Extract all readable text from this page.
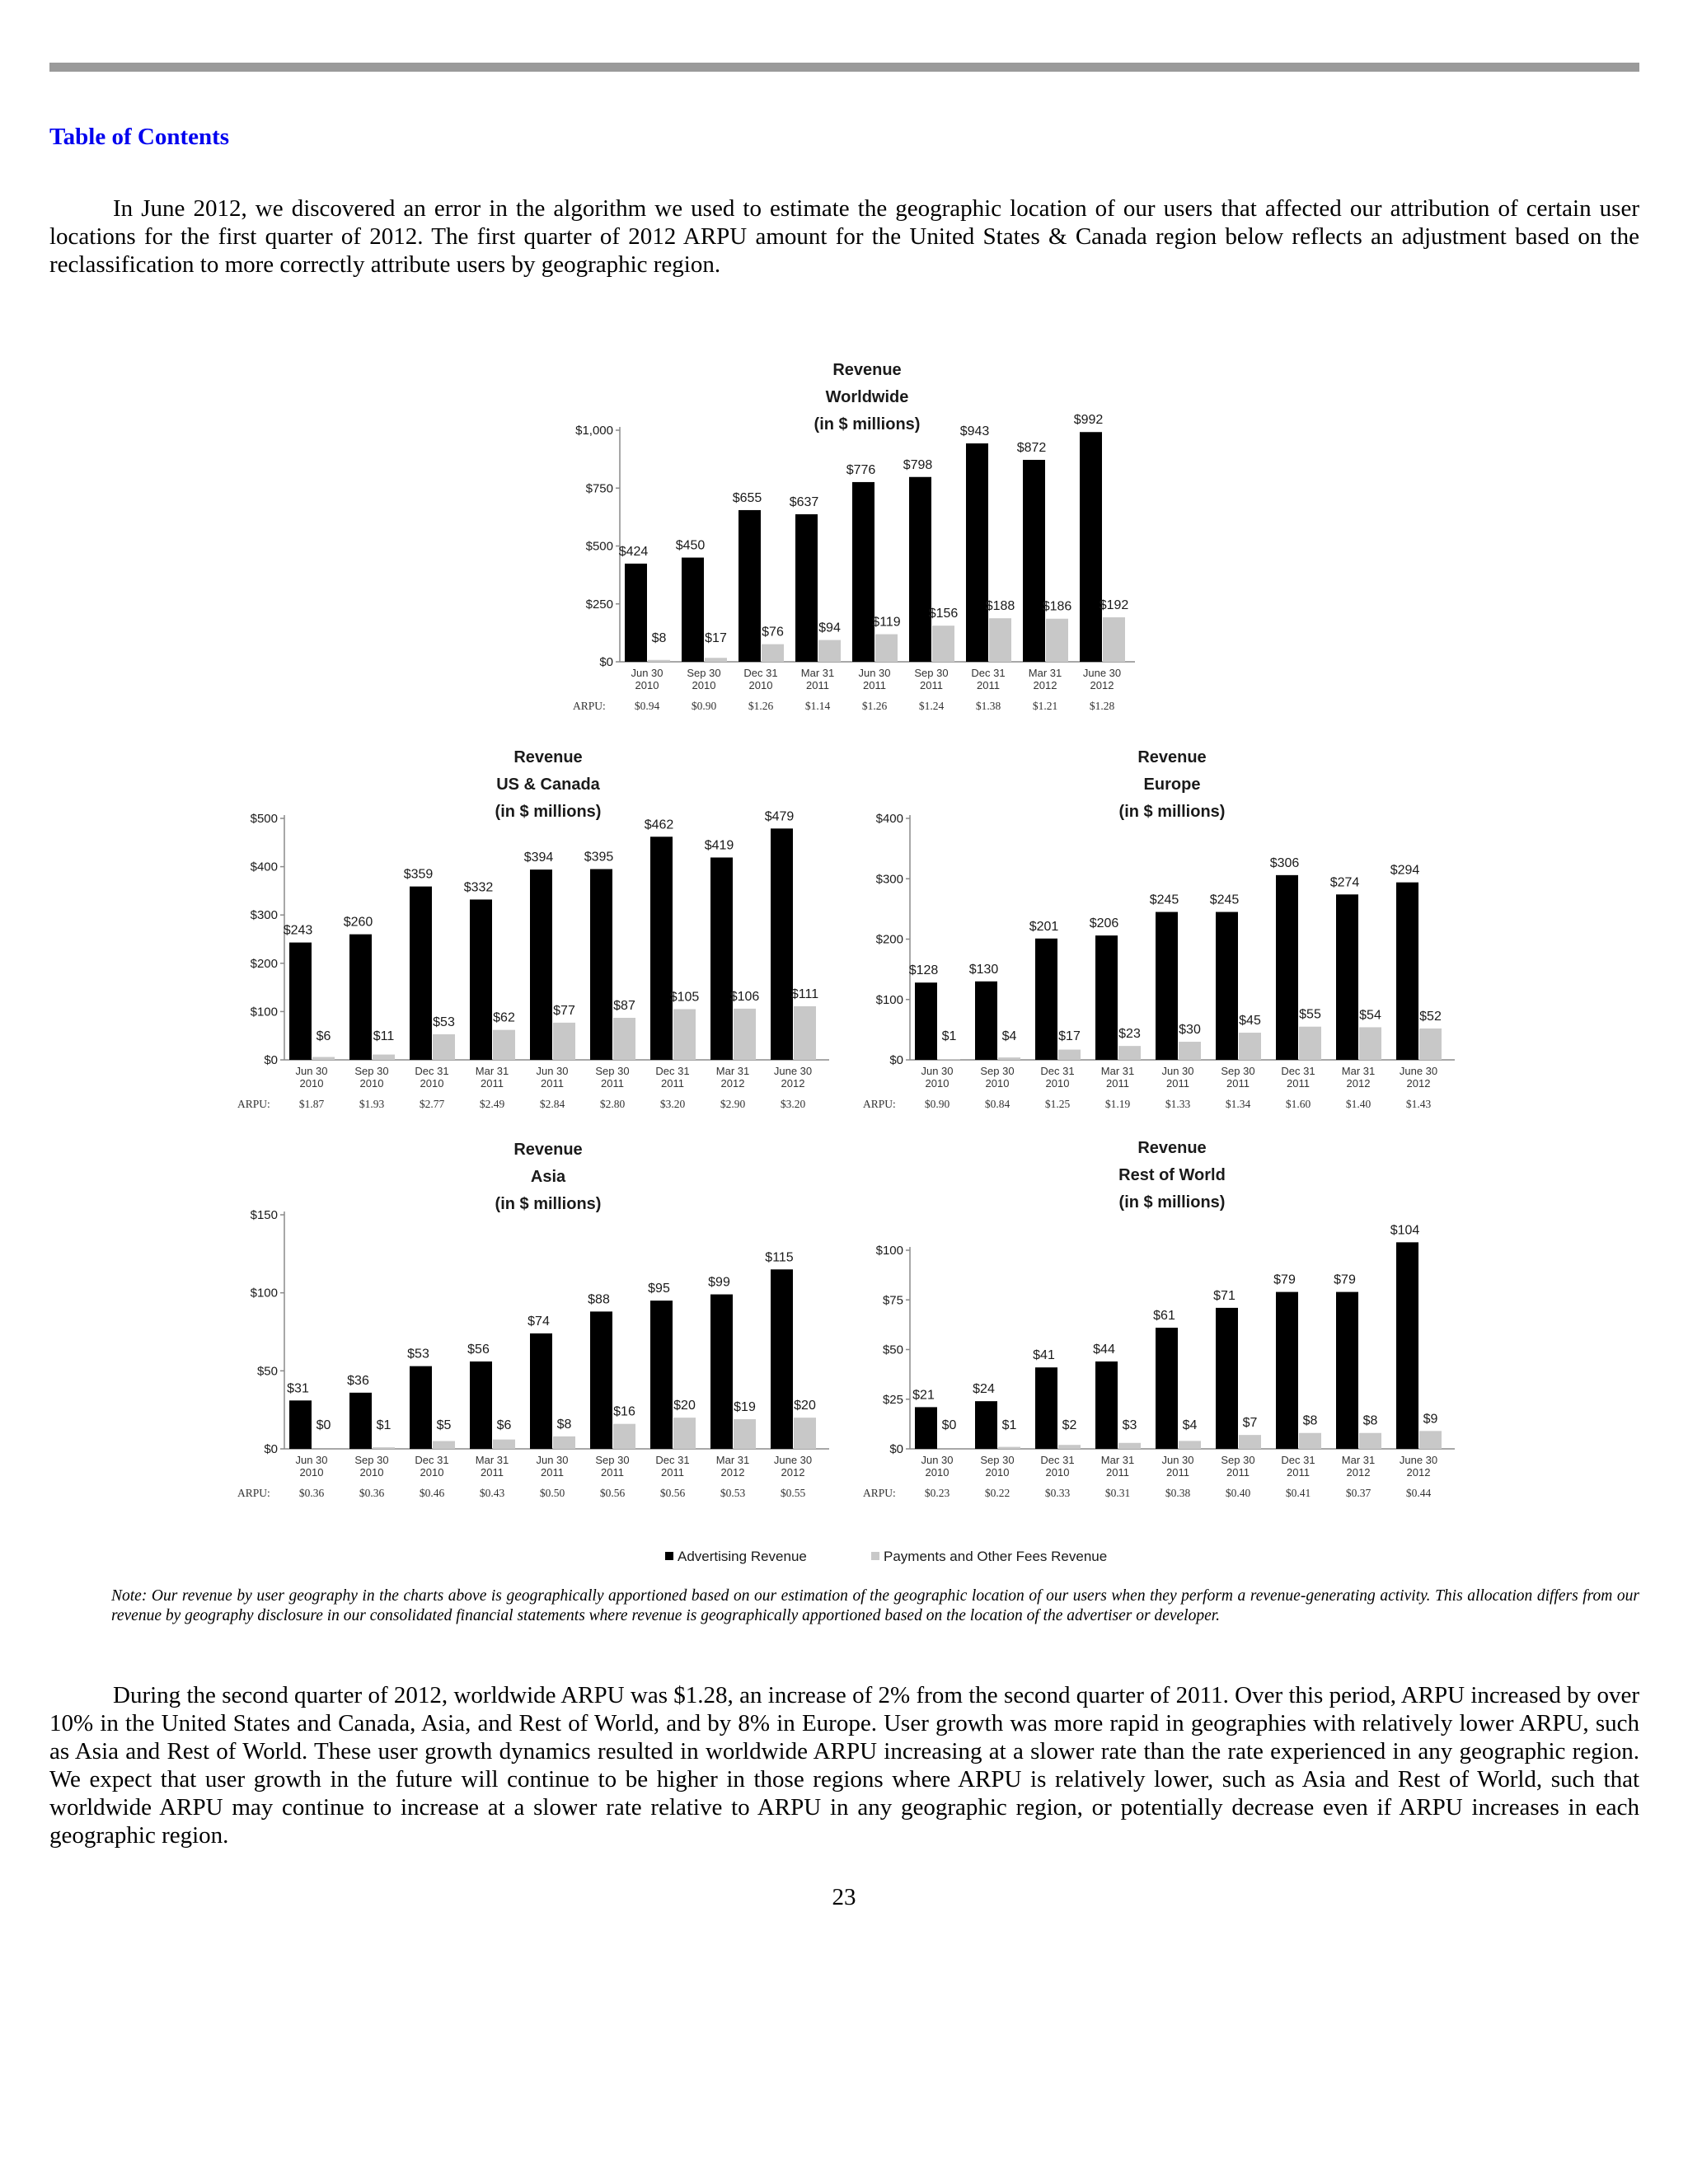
Table of Contents

In June 2012, we discovered an error in the algorithm we used to estimate the geographic location of our users that affected our attribution of certain user locations for the first quarter of 2012. The first quarter of 2012 ARPU amount for the United States & Canada region below reflects an adjustment based on the reclassification to more correctly attribute users by geographic region.

Revenue
Worldwide
(in $ millions)
$0
$250
$500
$750
$1,000
$424
$8
Jun 30
2010
$0.94
$450
$17
Sep 30
2010
$0.90
$655
$76
Dec 31
2010
$1.26
$637
$94
Mar 31
2011
$1.14
$776
$119
Jun 30
2011
$1.26
$798
$156
Sep 30
2011
$1.24
$943
$188
Dec 31
2011
$1.38
$872
$186
Mar 31
2012
$1.21
$992
$192
June 30
2012
$1.28
ARPU:
Revenue
US & Canada
(in $ millions)
$0
$100
$200
$300
$400
$500
$243
$6
Jun 30
2010
$1.87
$260
$11
Sep 30
2010
$1.93
$359
$53
Dec 31
2010
$2.77
$332
$62
Mar 31
2011
$2.49
$394
$77
Jun 30
2011
$2.84
$395
$87
Sep 30
2011
$2.80
$462
$105
Dec 31
2011
$3.20
$419
$106
Mar 31
2012
$2.90
$479
$111
June 30
2012
$3.20
ARPU:
Revenue
Europe
(in $ millions)
$0
$100
$200
$300
$400
$128
$1
Jun 30
2010
$0.90
$130
$4
Sep 30
2010
$0.84
$201
$17
Dec 31
2010
$1.25
$206
$23
Mar 31
2011
$1.19
$245
$30
Jun 30
2011
$1.33
$245
$45
Sep 30
2011
$1.34
$306
$55
Dec 31
2011
$1.60
$274
$54
Mar 31
2012
$1.40
$294
$52
June 30
2012
$1.43
ARPU:
Revenue
Asia
(in $ millions)
$0
$50
$100
$150
$31
$0
Jun 30
2010
$0.36
$36
$1
Sep 30
2010
$0.36
$53
$5
Dec 31
2010
$0.46
$56
$6
Mar 31
2011
$0.43
$74
$8
Jun 30
2011
$0.50
$88
$16
Sep 30
2011
$0.56
$95
$20
Dec 31
2011
$0.56
$99
$19
Mar 31
2012
$0.53
$115
$20
June 30
2012
$0.55
ARPU:
Revenue
Rest of World
(in $ millions)
$0
$25
$50
$75
$100
$21
$0
Jun 30
2010
$0.23
$24
$1
Sep 30
2010
$0.22
$41
$2
Dec 31
2010
$0.33
$44
$3
Mar 31
2011
$0.31
$61
$4
Jun 30
2011
$0.38
$71
$7
Sep 30
2011
$0.40
$79
$8
Dec 31
2011
$0.41
$79
$8
Mar 31
2012
$0.37
$104
$9
June 30
2012
$0.44
ARPU:
Advertising Revenue	Payments and Other Fees Revenue

Note: Our revenue by user geography in the charts above is geographically apportioned based on our estimation of the geographic location of our users when they perform a revenue-generating activity. This allocation differs from our revenue by geography disclosure in our consolidated financial statements where revenue is geographically apportioned based on the location of the advertiser or developer.

During the second quarter of 2012, worldwide ARPU was $1.28, an increase of 2% from the second quarter of 2011. Over this period, ARPU increased by over 10% in the United States and Canada, Asia, and Rest of World, and by 8% in Europe. User growth was more rapid in geographies with relatively lower ARPU, such as Asia and Rest of World. These user growth dynamics resulted in worldwide ARPU increasing at a slower rate than the rate experienced in any geographic region. We expect that user growth in the future will continue to be higher in those regions where ARPU is relatively lower, such as Asia and Rest of World, such that worldwide ARPU may continue to increase at a slower rate relative to ARPU in any geographic region, or potentially decrease even if ARPU increases in each geographic region.

23
